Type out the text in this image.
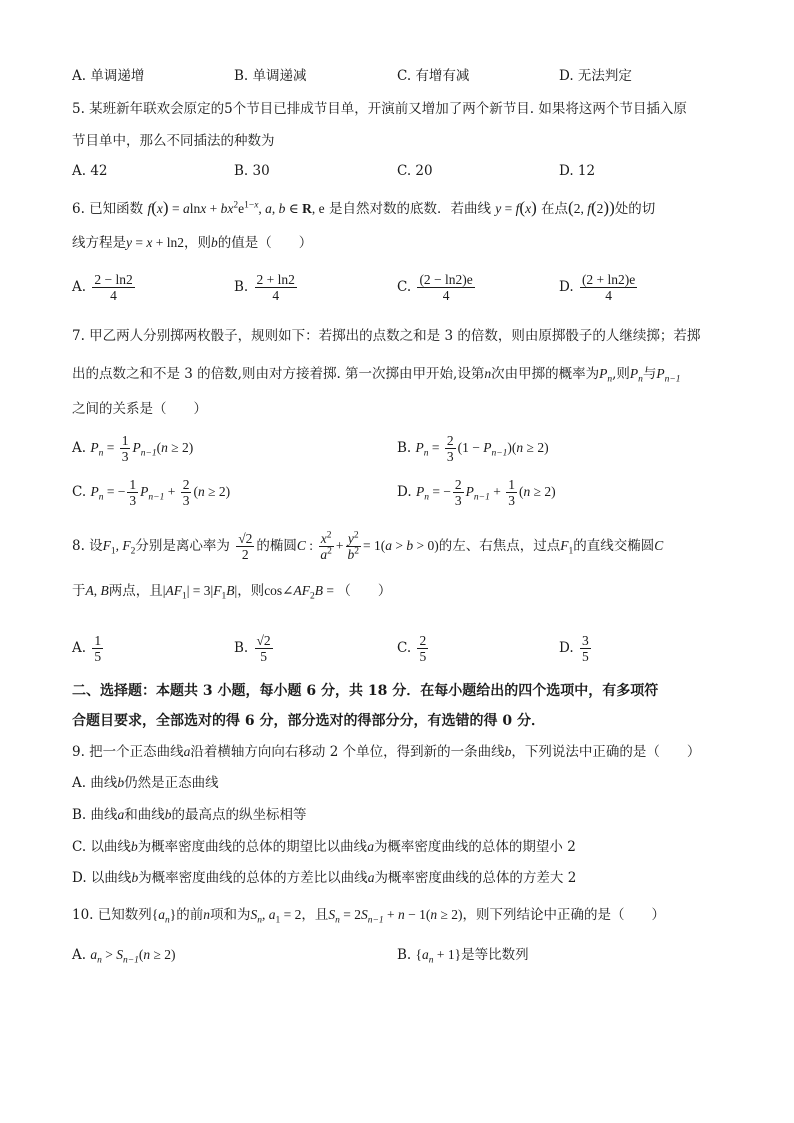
A. 单调递增	B. 单调递减	C. 有增有减	D. 无法判定
5. 某班新年联欢会原定的5个节目已排成节目单，开演前又增加了两个新节目. 如果将这两个节目插入原
节目单中，那么不同插法的种数为
A. 42	B. 30	C. 20	D. 12
6. 已知函数 $f(x) = alnx + bx^2e^{1-x}$, a, b ∈ R, e 是自然对数的底数．若曲线 y = f(x) 在点(2, f(2))处的切
线方程是y = x + ln2，则b的值是（　　）
A. $\frac{2 - \ln 2}{4}$	B. $\frac{2 + \ln 2}{4}$	C. $\frac{(2 - \ln 2)e}{4}$	D. $\frac{(2 + \ln 2)e}{4}$
7. 甲乙两人分别掷两枚骰子，规则如下：若掷出的点数之和是 3 的倍数，则由原掷骰子的人继续掷；若掷
出的点数之和不是 3 的倍数,则由对方接着掷. 第一次掷由甲开始,设第n次由甲掷的概率为$P_n$,则$P_n$与$P_{n-1}$
之间的关系是（　　）
A. $P_n = \frac{1}{3} P_{n-1}(n \ge 2)$	B. $P_n = \frac{2}{3} (1 - P_{n-1})(n \ge 2)$
C. $P_n$ = − $\frac{1}{3} P_{n-1} + \frac{2}{3} (n \ge 2)$	D. $P_n$ = − $\frac{2}{3} P_{n-1} + \frac{1}{3} (n \ge 2)$
8. 设$F_1$, $F_2$分别是离心率为 $\frac{√2}{2}$ 的椭圆C : $\frac{x^2}{a^2} + \frac{y^2}{b^2} = 1(a > b > 0)$的左、右焦点，过点$F_1$的直线交椭圆C
于A, B两点，且$|AF_1| = 3|F_1B|$，则$\cos\angle AF_2B$ = （　　）
A. $\frac{1}{5}$	B. $\frac{√2}{5}$	C. $\frac{2}{5}$	D. $\frac{3}{5}$
二、选择题：本题共 3 小题，每小题 6 分，共 18 分．在每小题给出的四个选项中，有多项符
合题目要求，全部选对的得 6 分，部分选对的得部分分，有选错的得 0 分．
9. 把一个正态曲线a沿着横轴方向向右移动 2 个单位，得到新的一条曲线b，下列说法中正确的是（　　）
A. 曲线b仍然是正态曲线
B. 曲线a和曲线b的最高点的纵坐标相等
C. 以曲线b为概率密度曲线的总体的期望比以曲线a为概率密度曲线的总体的期望小 2
D. 以曲线b为概率密度曲线的总体的方差比以曲线a为概率密度曲线的总体的方差大 2
10. 已知数列$\{a_n\}$的前n项和为$S_n$, $a_1 = 2$，且$S_n = 2S_{n-1} + n - 1(n \ge 2)$，则下列结论中正确的是（　　）
A. $a_n > S_{n-1}(n \ge 2)$	B. $\{a_n + 1\}$是等比数列
